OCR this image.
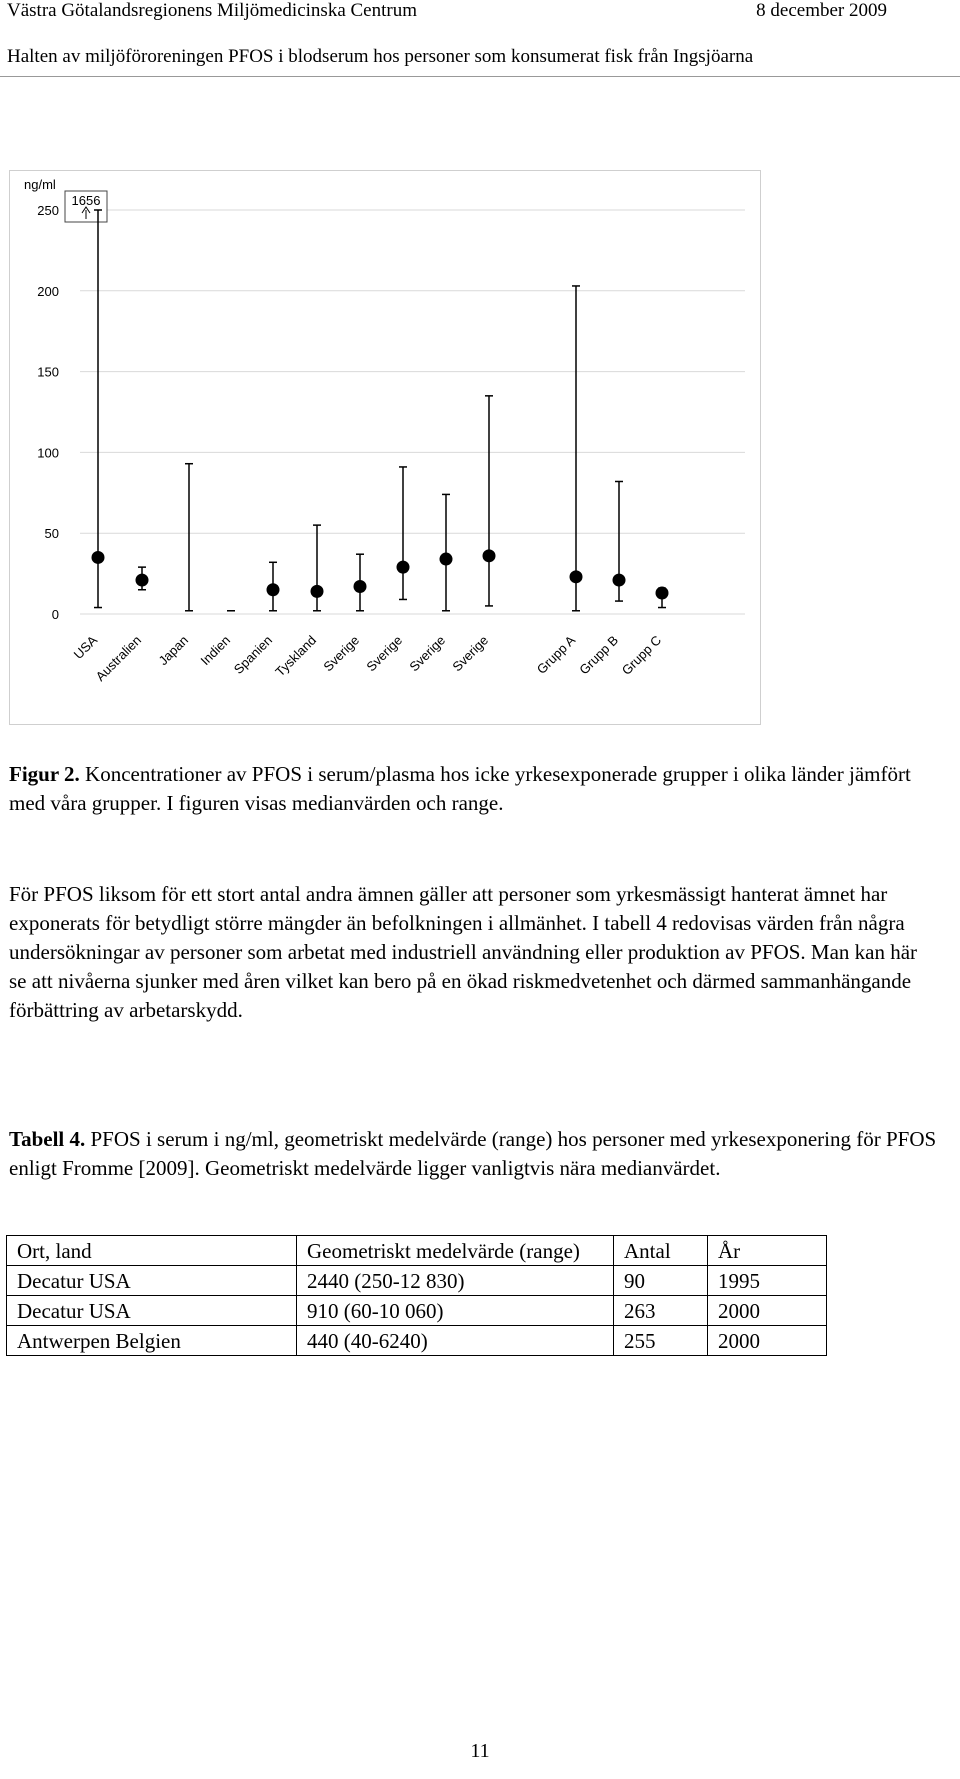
Västra Götalandsregionens Miljömedicinska Centrum	8 december 2009
Halten av miljöföroreningen PFOS i blodserum hos personer som konsumerat fisk från Ingsjöarna
ng/ml
0
50
100
150
200
250
1656
USA
Australien Japan Indien
Spanien
Tyskland Sverige Sverige Sverige Sverige	Grupp A
Grupp B
Grupp C
Figur 2. Koncentrationer av PFOS i serum/plasma hos icke yrkesexponerade grupper i olika länder jämfört med våra grupper. I figuren visas medianvärden och range.
För PFOS liksom för ett stort antal andra ämnen gäller att personer som yrkesmässigt hanterat ämnet har exponerats för betydligt större mängder än befolkningen i allmänhet. I tabell 4 redovisas värden från några undersökningar av personer som arbetat med industriell användning eller produktion av PFOS. Man kan här se att nivåerna sjunker med åren vilket kan bero på en ökad riskmedvetenhet och därmed sammanhängande förbättring av arbetarskydd.
Tabell 4. PFOS i serum i ng/ml, geometriskt medelvärde (range) hos personer med yrkesexponering för PFOS enligt Fromme [2009]. Geometriskt medelvärde ligger vanligtvis nära medianvärdet.
Ort, land	Geometriskt medelvärde (range)	Antal	År
Decatur USA	2440 (250-12 830)	90	1995
Decatur USA	910 (60-10 060)	263	2000
Antwerpen Belgien	440 (40-6240)	255	2000
11
